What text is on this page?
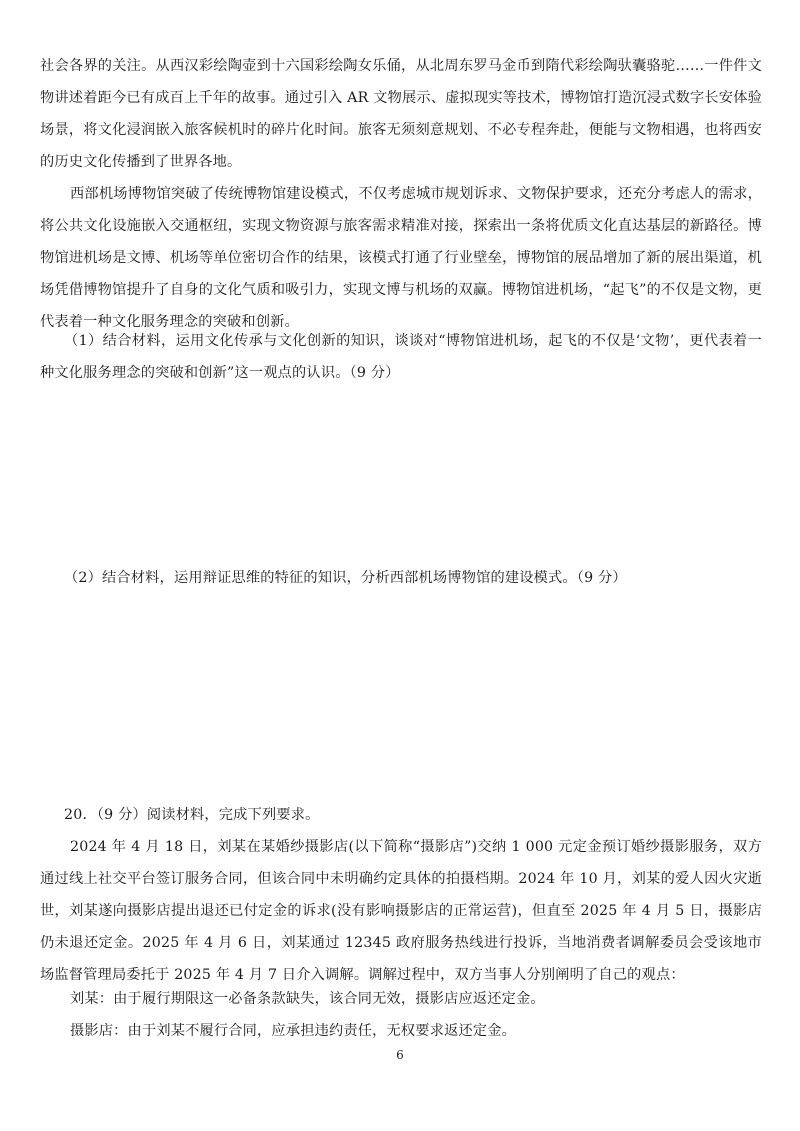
社会各界的关注。从西汉彩绘陶壶到十六国彩绘陶女乐俑，从北周东罗马金币到隋代彩绘陶驮囊骆驼……一件件文物讲述着距今已有成百上千年的故事。通过引入 AR 文物展示、虚拟现实等技术，博物馆打造沉浸式数字长安体验场景，将文化浸润嵌入旅客候机时的碎片化时间。旅客无须刻意规划、不必专程奔赴，便能与文物相遇，也将西安的历史文化传播到了世界各地。

西部机场博物馆突破了传统博物馆建设模式，不仅考虑城市规划诉求、文物保护要求，还充分考虑人的需求，将公共文化设施嵌入交通枢纽，实现文物资源与旅客需求精准对接，探索出一条将优质文化直达基层的新路径。博物馆进机场是文博、机场等单位密切合作的结果，该模式打通了行业壁垒，博物馆的展品增加了新的展出渠道，机场凭借博物馆提升了自身的文化气质和吸引力，实现文博与机场的双赢。博物馆进机场，“起飞”的不仅是文物，更代表着一种文化服务理念的突破和创新。

（1）结合材料，运用文化传承与文化创新的知识，谈谈对“博物馆进机场，起飞的不仅是‘文物’，更代表着一种文化服务理念的突破和创新”这一观点的认识。（9 分）

（2）结合材料，运用辩证思维的特征的知识，分析西部机场博物馆的建设模式。（9 分）

20．（9 分）阅读材料，完成下列要求。

2024 年 4 月 18 日，刘某在某婚纱摄影店(以下简称“摄影店”)交纳 1 000 元定金预订婚纱摄影服务，双方通过线上社交平台签订服务合同，但该合同中未明确约定具体的拍摄档期。2024 年 10 月，刘某的爱人因火灾逝世，刘某遂向摄影店提出退还已付定金的诉求(没有影响摄影店的正常运营)，但直至 2025 年 4 月 5 日，摄影店仍未退还定金。2025 年 4 月 6 日，刘某通过 12345 政府服务热线进行投诉，当地消费者调解委员会受该地市场监督管理局委托于 2025 年 4 月 7 日介入调解。调解过程中，双方当事人分别阐明了自己的观点：

刘某：由于履行期限这一必备条款缺失，该合同无效，摄影店应返还定金。

摄影店：由于刘某不履行合同，应承担违约责任，无权要求返还定金。

6
